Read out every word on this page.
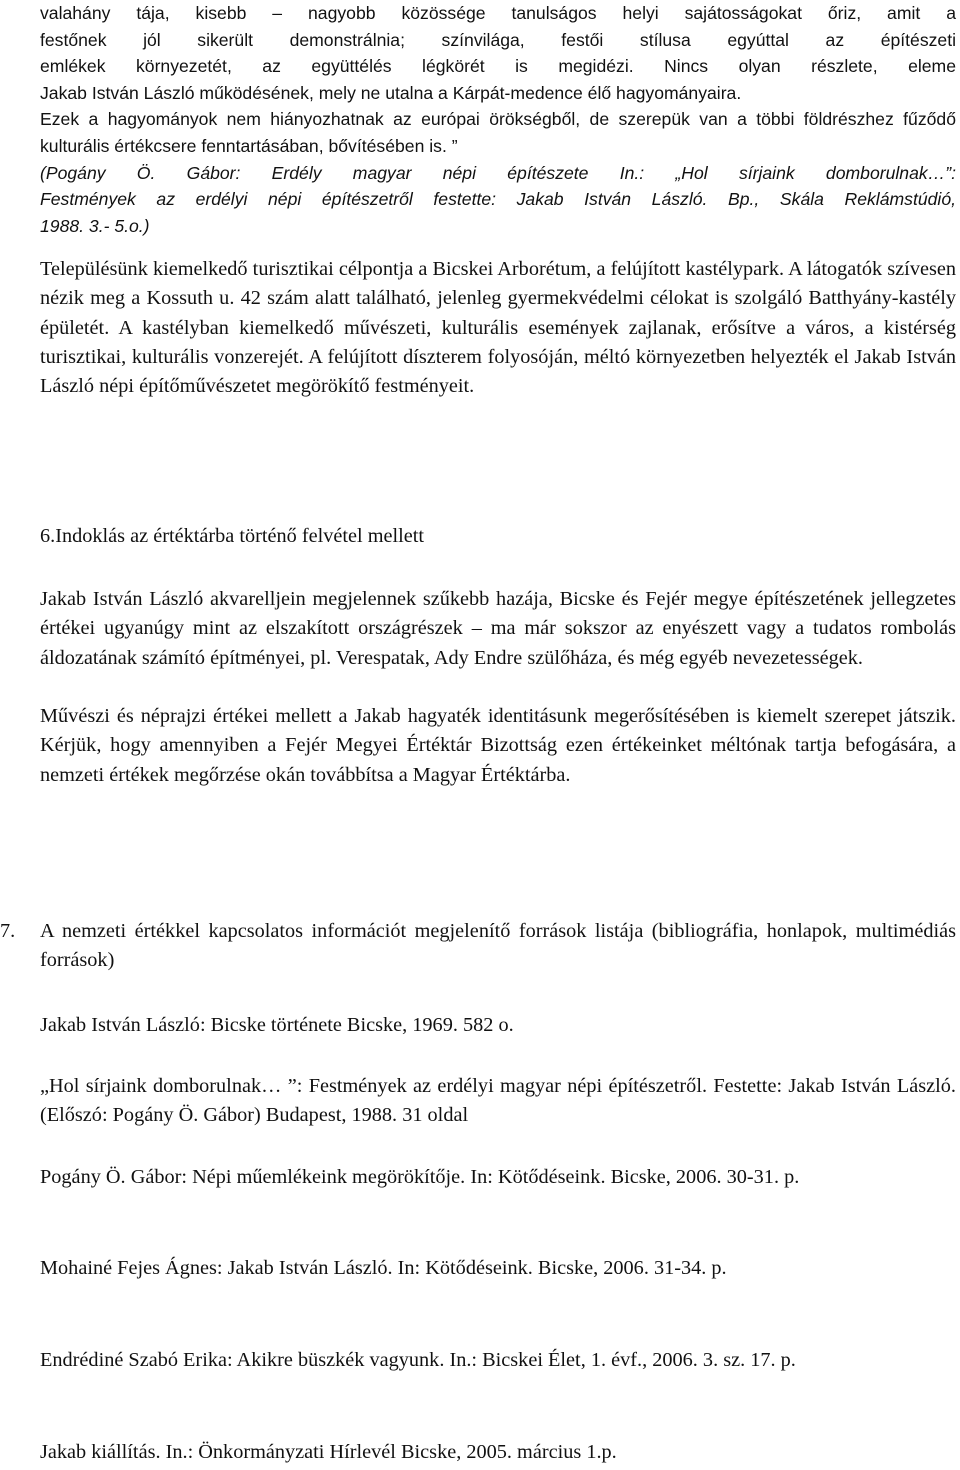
valahány tája, kisebb – nagyobb közössége tanulságos helyi sajátosságokat őriz, amit a
festőnek jól sikerült demonstrálnia; színvilága, festői stílusa egyúttal az építészeti
emlékek környezetét, az együttélés légkörét is megidézi. Nincs olyan részlete, eleme
Jakab István László működésének, mely ne utalna a Kárpát-medence élő hagyományaira.
Ezek a hagyományok nem hiányozhatnak az európai örökségből, de szerepük van a többi földrészhez fűződő kulturális értékcsere fenntartásában, bővítésében is. ”
(Pogány Ö. Gábor: Erdély magyar népi építészete In.: „Hol sírjaink domborulnak…”:
Festmények az erdélyi népi építészetről festette: Jakab István László. Bp., Skála Reklámstúdió,
1988. 3.- 5.o.)

Településünk kiemelkedő turisztikai célpontja a Bicskei Arborétum, a felújított kastélypark. A látogatók szívesen nézik meg a Kossuth u. 42 szám alatt található, jelenleg gyermekvédelmi célokat is szolgáló Batthyány-kastély épületét. A kastélyban kiemelkedő művészeti, kulturális események zajlanak, erősítve a város, a kistérség turisztikai, kulturális vonzerejét. A felújított díszterem folyosóján, méltó környezetben helyezték el Jakab István László népi építőművészetet megörökítő festményeit.

6.Indoklás az értéktárba történő felvétel mellett

Jakab István László akvarelljein megjelennek szűkebb hazája, Bicske és Fejér megye építészetének jellegzetes értékei ugyanúgy mint az elszakított országrészek – ma már sokszor az enyészett vagy a tudatos rombolás áldozatának számító építményei, pl. Verespatak, Ady Endre szülőháza, és még egyéb nevezetességek.

Művészi és néprajzi értékei mellett a Jakab hagyaték identitásunk megerősítésében is kiemelt szerepet játszik. Kérjük, hogy amennyiben a Fejér Megyei Értéktár Bizottság ezen értékeinket méltónak tartja befogására, a nemzeti értékek megőrzése okán továbbítsa a Magyar Értéktárba.

7.	A nemzeti értékkel kapcsolatos információt megjelenítő források listája (bibliográfia, honlapok, multimédiás források)
Jakab István László: Bicske története Bicske, 1969. 582 o.
„Hol sírjaink domborulnak… ”: Festmények az erdélyi magyar népi építészetről. Festette: Jakab István László. (Előszó: Pogány Ö. Gábor) Budapest, 1988. 31 oldal
Pogány Ö. Gábor: Népi műemlékeink megörökítője. In: Kötődéseink. Bicske, 2006. 30-31. p.
Mohainé Fejes Ágnes: Jakab István László. In: Kötődéseink. Bicske, 2006. 31-34. p.
Endrédiné Szabó Erika: Akikre büszkék vagyunk. In.: Bicskei Élet, 1. évf., 2006. 3. sz. 17. p.
Jakab kiállítás. In.: Önkormányzati Hírlevél Bicske, 2005. március 1.p.
